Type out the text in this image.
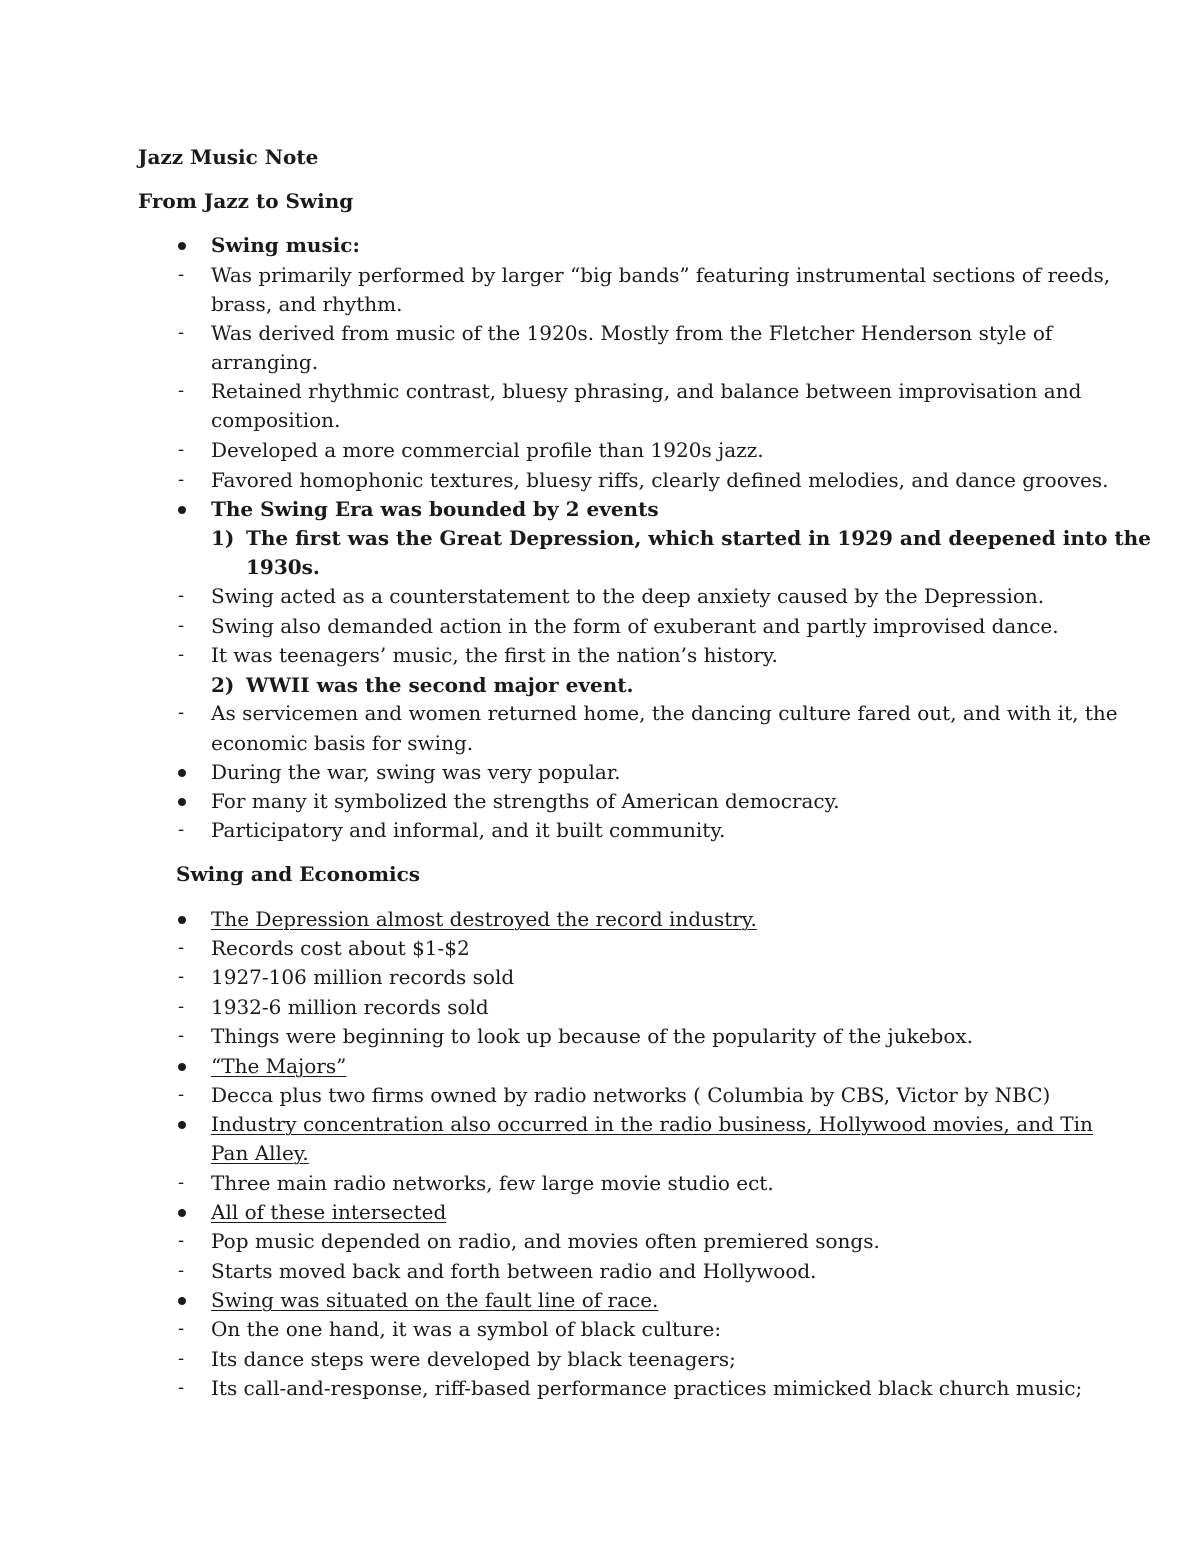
Jazz Music Note
From Jazz to Swing
Swing music:
- Was primarily performed by larger “big bands” featuring instrumental sections of reeds,
brass, and rhythm.
- Was derived from music of the 1920s. Mostly from the Fletcher Henderson style of
arranging.
- Retained rhythmic contrast, bluesy phrasing, and balance between improvisation and
composition.
- Developed a more commercial profile than 1920s jazz.
- Favored homophonic textures, bluesy riffs, clearly defined melodies, and dance grooves.
The Swing Era was bounded by 2 events
1) The first was the Great Depression, which started in 1929 and deepened into the
1930s.
- Swing acted as a counterstatement to the deep anxiety caused by the Depression.
- Swing also demanded action in the form of exuberant and partly improvised dance.
- It was teenagers’ music, the first in the nation’s history.
2) WWII was the second major event.
- As servicemen and women returned home, the dancing culture fared out, and with it, the
economic basis for swing.
During the war, swing was very popular.
For many it symbolized the strengths of American democracy.
- Participatory and informal, and it built community.
Swing and Economics
The Depression almost destroyed the record industry.
- Records cost about $1-$2
- 1927-106 million records sold
- 1932-6 million records sold
- Things were beginning to look up because of the popularity of the jukebox.
“The Majors”
- Decca plus two firms owned by radio networks ( Columbia by CBS, Victor by NBC)
Industry concentration also occurred in the radio business, Hollywood movies, and Tin
Pan Alley.
- Three main radio networks, few large movie studio ect.
All of these intersected
- Pop music depended on radio, and movies often premiered songs.
- Starts moved back and forth between radio and Hollywood.
Swing was situated on the fault line of race.
- On the one hand, it was a symbol of black culture:
- Its dance steps were developed by black teenagers;
- Its call-and-response, riff-based performance practices mimicked black church music;
